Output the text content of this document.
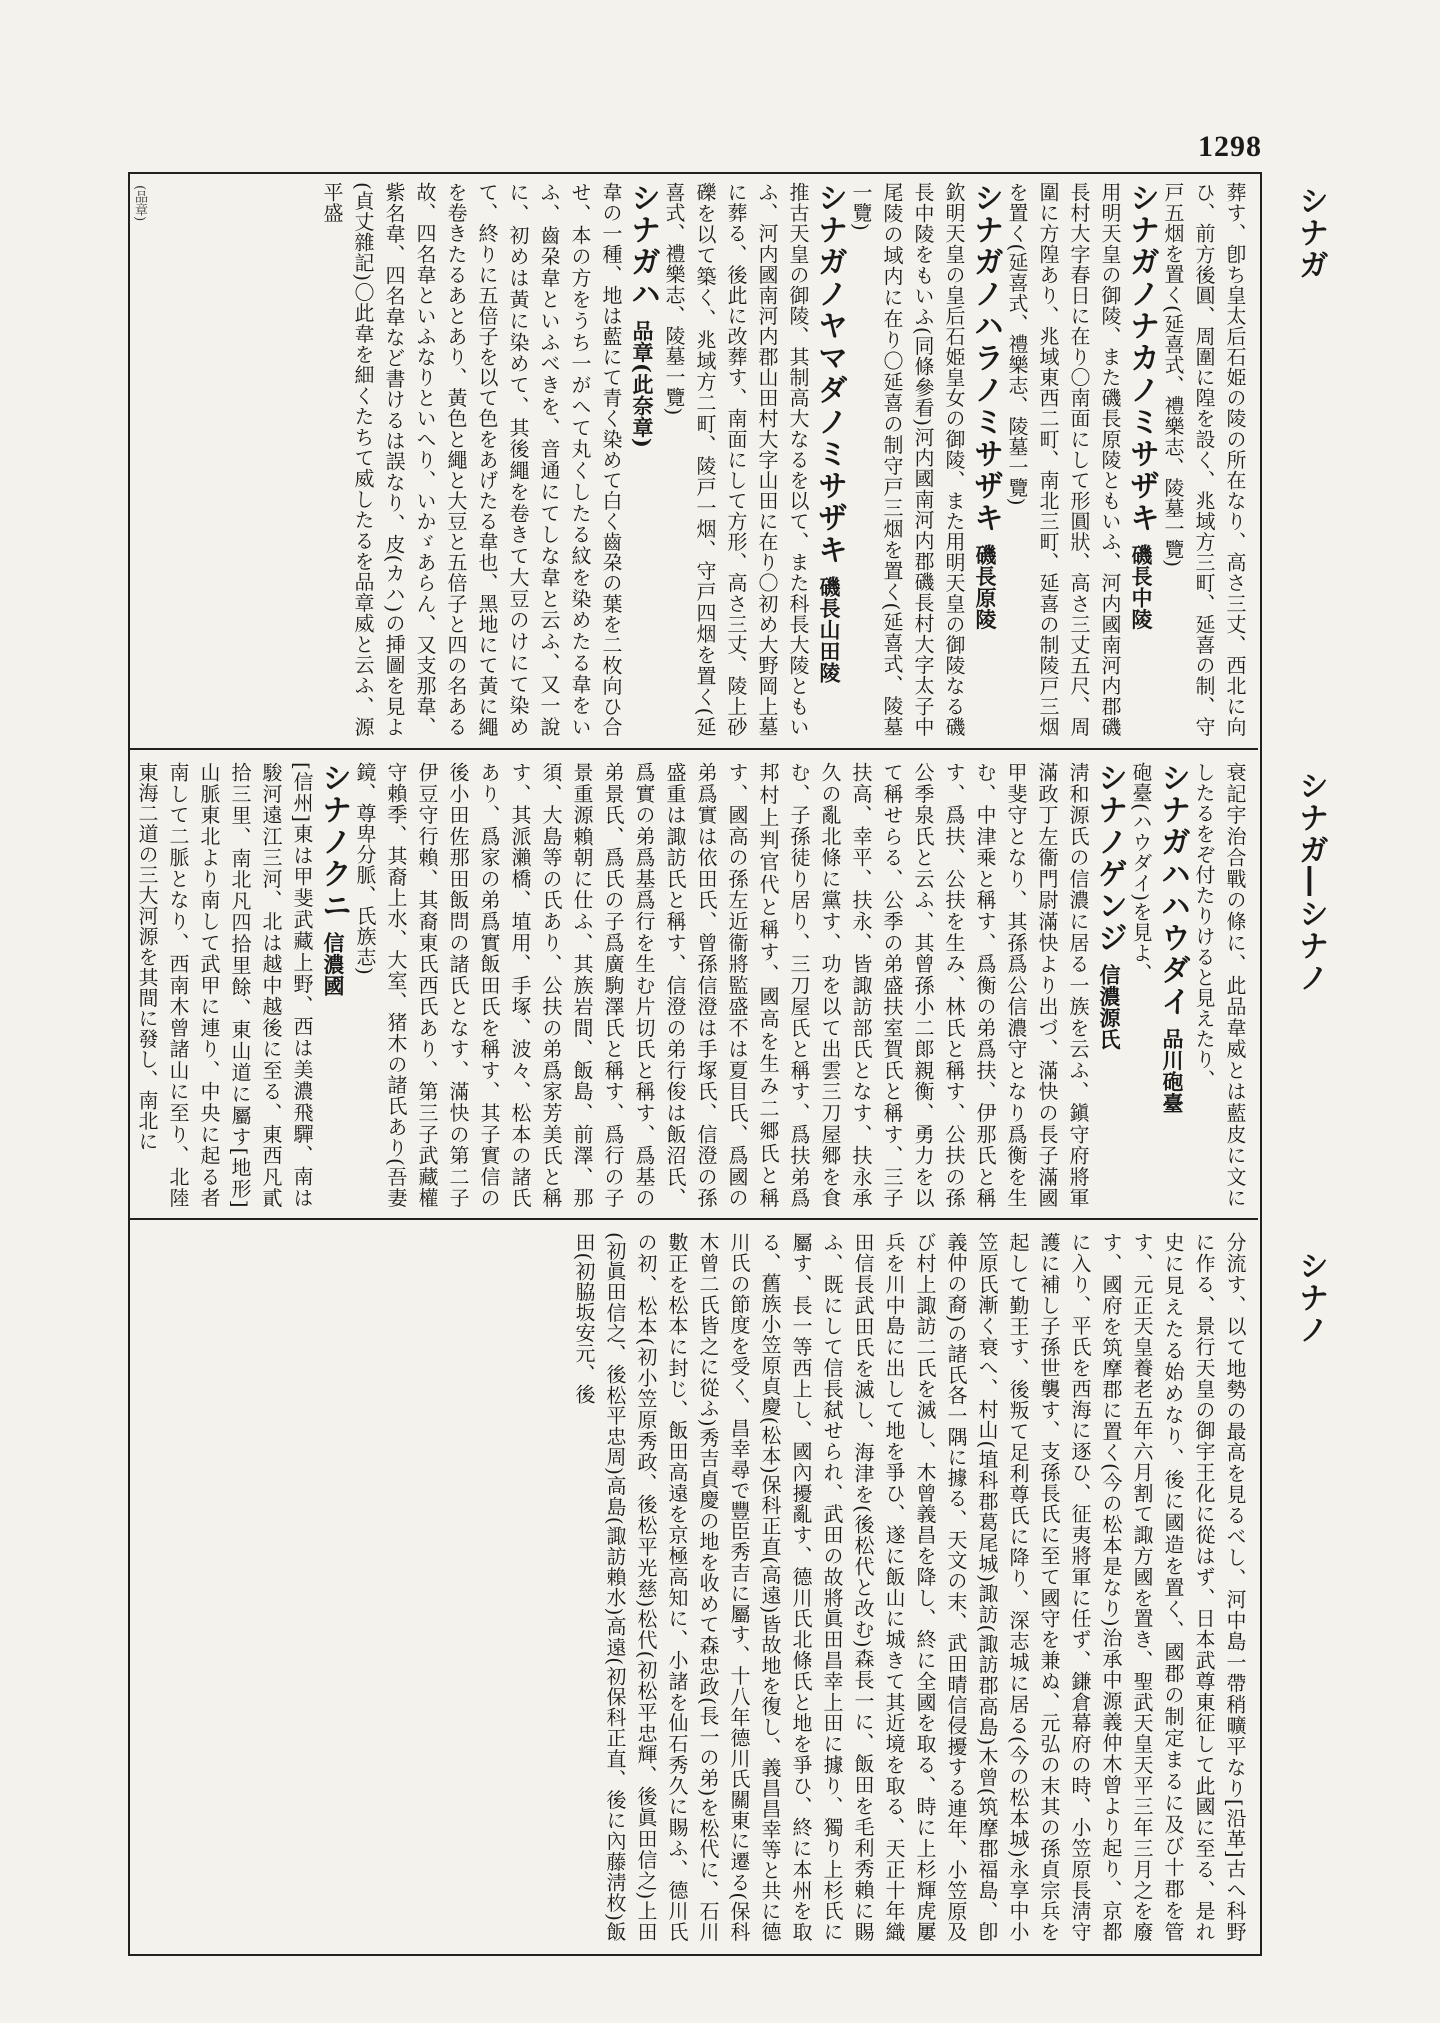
1298
シナガ
シナガ―シナノ
シナノ
(品章)	葬す、卽ち皇太后石姫の陵の所在なり、高さ三丈、西北に向ひ、前方後圓、周圍に隍を設く、兆域方三町、延喜の制、守戸五烟を置く(延喜式、禮樂志、陵墓一覽)
シナガノナカノミサザキ磯長中陵
用明天皇の御陵、また磯長原陵ともいふ、河内國南河内郡磯長村大字春日に在り〇南面にして形圓狀、高さ三丈五尺、周圍に方隍あり、兆域東西二町、南北三町、延喜の制陵戸三烟を置く(延喜式、禮樂志、陵墓一覽)
シナガノハラノミサザキ磯長原陵
欽明天皇の皇后石姫皇女の御陵、また用明天皇の御陵なる磯長中陵をもいふ(同條參看)河内國南河内郡磯長村大字太子中尾陵の域内に在り〇延喜の制守戸三烟を置く(延喜式、陵墓一覽)
シナガノヤマダノミサザキ磯長山田陵
推古天皇の御陵、其制高大なるを以て、また科長大陵ともいふ、河内國南河内郡山田村大字山田に在り〇初め大野岡上墓に葬る、後此に改葬す、南面にして方形、高さ三丈、陵上砂礫を以て築く、兆域方二町、陵戸一烟、守戸四烟を置く(延喜式、禮樂志、陵墓一覽)
シナガハ品章(此奈章)
韋の一種、地は藍にて青く染めて白く齒朶の葉を二枚向ひ合せ、本の方をうち一がへて丸くしたる紋を染めたる韋をいふ、齒朶韋といふべきを、音通にてしな韋と云ふ、又一說に、初めは黃に染めて、其後繩を卷きて大豆のけにて染めて、終りに五倍子を以て色をあげたる韋也、黑地にて黃に繩を卷きたるあとあり、黃色と繩と大豆と五倍子と四の名ある故、四名韋といふなりといへり、いかゞあらん、又支那韋、紫名韋、四名韋など書けるは誤なり、皮(カハ)の挿圖を見よ(貞丈雜記)〇此韋を細くたちて威したるを品章威と云ふ、源平盛
衰記宇治合戰の條に、此品韋威とは藍皮に文にしたるをぞ付たりけると見えたり、
シナガハハウダイ品川砲臺
砲臺(ハウダイ)を見よ、
シナノゲンジ信濃源氏
淸和源氏の信濃に居る一族を云ふ、鎭守府將軍滿政丁左衞門尉滿快より出づ、滿快の長子滿國甲斐守となり、其孫爲公信濃守となり爲衡を生む、中津乘と稱す、爲衡の弟爲扶、伊那氏と稱す、爲扶、公扶を生み、林氏と稱す、公扶の孫公季泉氏と云ふ、其曾孫小二郞親衡、勇力を以て稱せらる、公季の弟盛扶室賀氏と稱す、三子扶高、幸平、扶永、皆諏訪部氏となす、扶永承久の亂北條に黨す、功を以て出雲三刀屋郷を食む、子孫徒り居り、三刀屋氏と稱す、爲扶弟爲邦村上判官代と稱す、國高を生み二郷氏と稱す、國高の孫左近衞將監盛不は夏目氏、爲國の弟爲實は依田氏、曾孫信澄は手塚氏、信澄の孫盛重は諏訪氏と稱す、信澄の弟行俊は飯沼氏、爲實の弟爲基爲行を生む片切氏と稱す、爲基の弟景氏、爲氏の子爲廣駒澤氏と稱す、爲行の子景重源賴朝に仕ふ、其族岩間、飯島、前澤、那須、大島等の氏あり、公扶の弟爲家芳美氏と稱す、其派瀨橋、埴用、手塚、波々、松本の諸氏あり、爲家の弟爲實飯田氏を稱す、其子實信の後小田佐那田飯問の諸氏となす、滿快の第二子伊豆守行賴、其裔東氏西氏あり、第三子武藏權守賴季、其裔上水、大室、猪木の諸氏あり(吾妻鏡、尊卑分脈、氏族志)
シナノクニ信濃國
[信州]東は甲斐武藏上野、西は美濃飛驒、南は駿河遠江三河、北は越中越後に至る、東西凡貳拾三里、南北凡四拾里餘、東山道に屬す[地形]山脈東北より南して武甲に連り、中央に起る者南して二脈となり、西南木曾諸山に至り、北陸東海二道の三大河源を其間に發し、南北に
分流す、以て地勢の最高を見るべし、河中島一帶稍曠平なり[沿革]古へ科野に作る、景行天皇の御宇王化に從はず、日本武尊東征して此國に至る、是れ史に見えたる始めなり、後に國造を置く、國郡の制定まるに及び十郡を管す、元正天皇養老五年六月割て諏方國を置き、聖武天皇天平三年三月之を廢す、國府を筑摩郡に置く(今の松本是なり)治承中源義仲木曾より起り、京都に入り、平氏を西海に逐ひ、征夷將軍に任ず、鎌倉幕府の時、小笠原長淸守護に補し子孫世襲す、支孫長氏に至て國守を兼ぬ、元弘の末其の孫貞宗兵を起して勤王す、後叛て足利尊氏に降り、深志城に居る(今の松本城)永享中小笠原氏漸く衰へ、村山(埴科郡葛尾城)諏訪(諏訪郡高島)木曾(筑摩郡福島、卽義仲の裔)の諸氏各一隅に據る、天文の末、武田晴信侵擾する連年、小笠原及び村上諏訪二氏を滅し、木曾義昌を降し、終に全國を取る、時に上杉輝虎屢兵を川中島に出して地を爭ひ、遂に飯山に城きて其近境を取る、天正十年織田信長武田氏を滅し、海津を(後松代と改む)森長一に、飯田を毛利秀賴に賜ふ、既にして信長弑せられ、武田の故將眞田昌幸上田に據り、獨り上杉氏に屬す、長一等西上し、國內擾亂す、德川氏北條氏と地を爭ひ、終に本州を取る、舊族小笠原貞慶(松本)保科正直(高遠)皆故地を復し、義昌昌幸等と共に德川氏の節度を受く、昌幸尋で豐臣秀吉に屬す、十八年德川氏關東に遷る(保科木曾二氏皆之に從ふ)秀吉貞慶の地を收めて森忠政(長一の弟)を松代に、石川數正を松本に封じ、飯田高遠を京極高知に、小諸を仙石秀久に賜ふ、德川氏の初、松本(初小笠原秀政、後松平光慈)松代(初松平忠輝、後眞田信之)上田(初眞田信之、後松平忠周)高島(諏訪賴水)高遠(初保科正直、後に內藤淸枚)飯田(初脇坂安元、後
